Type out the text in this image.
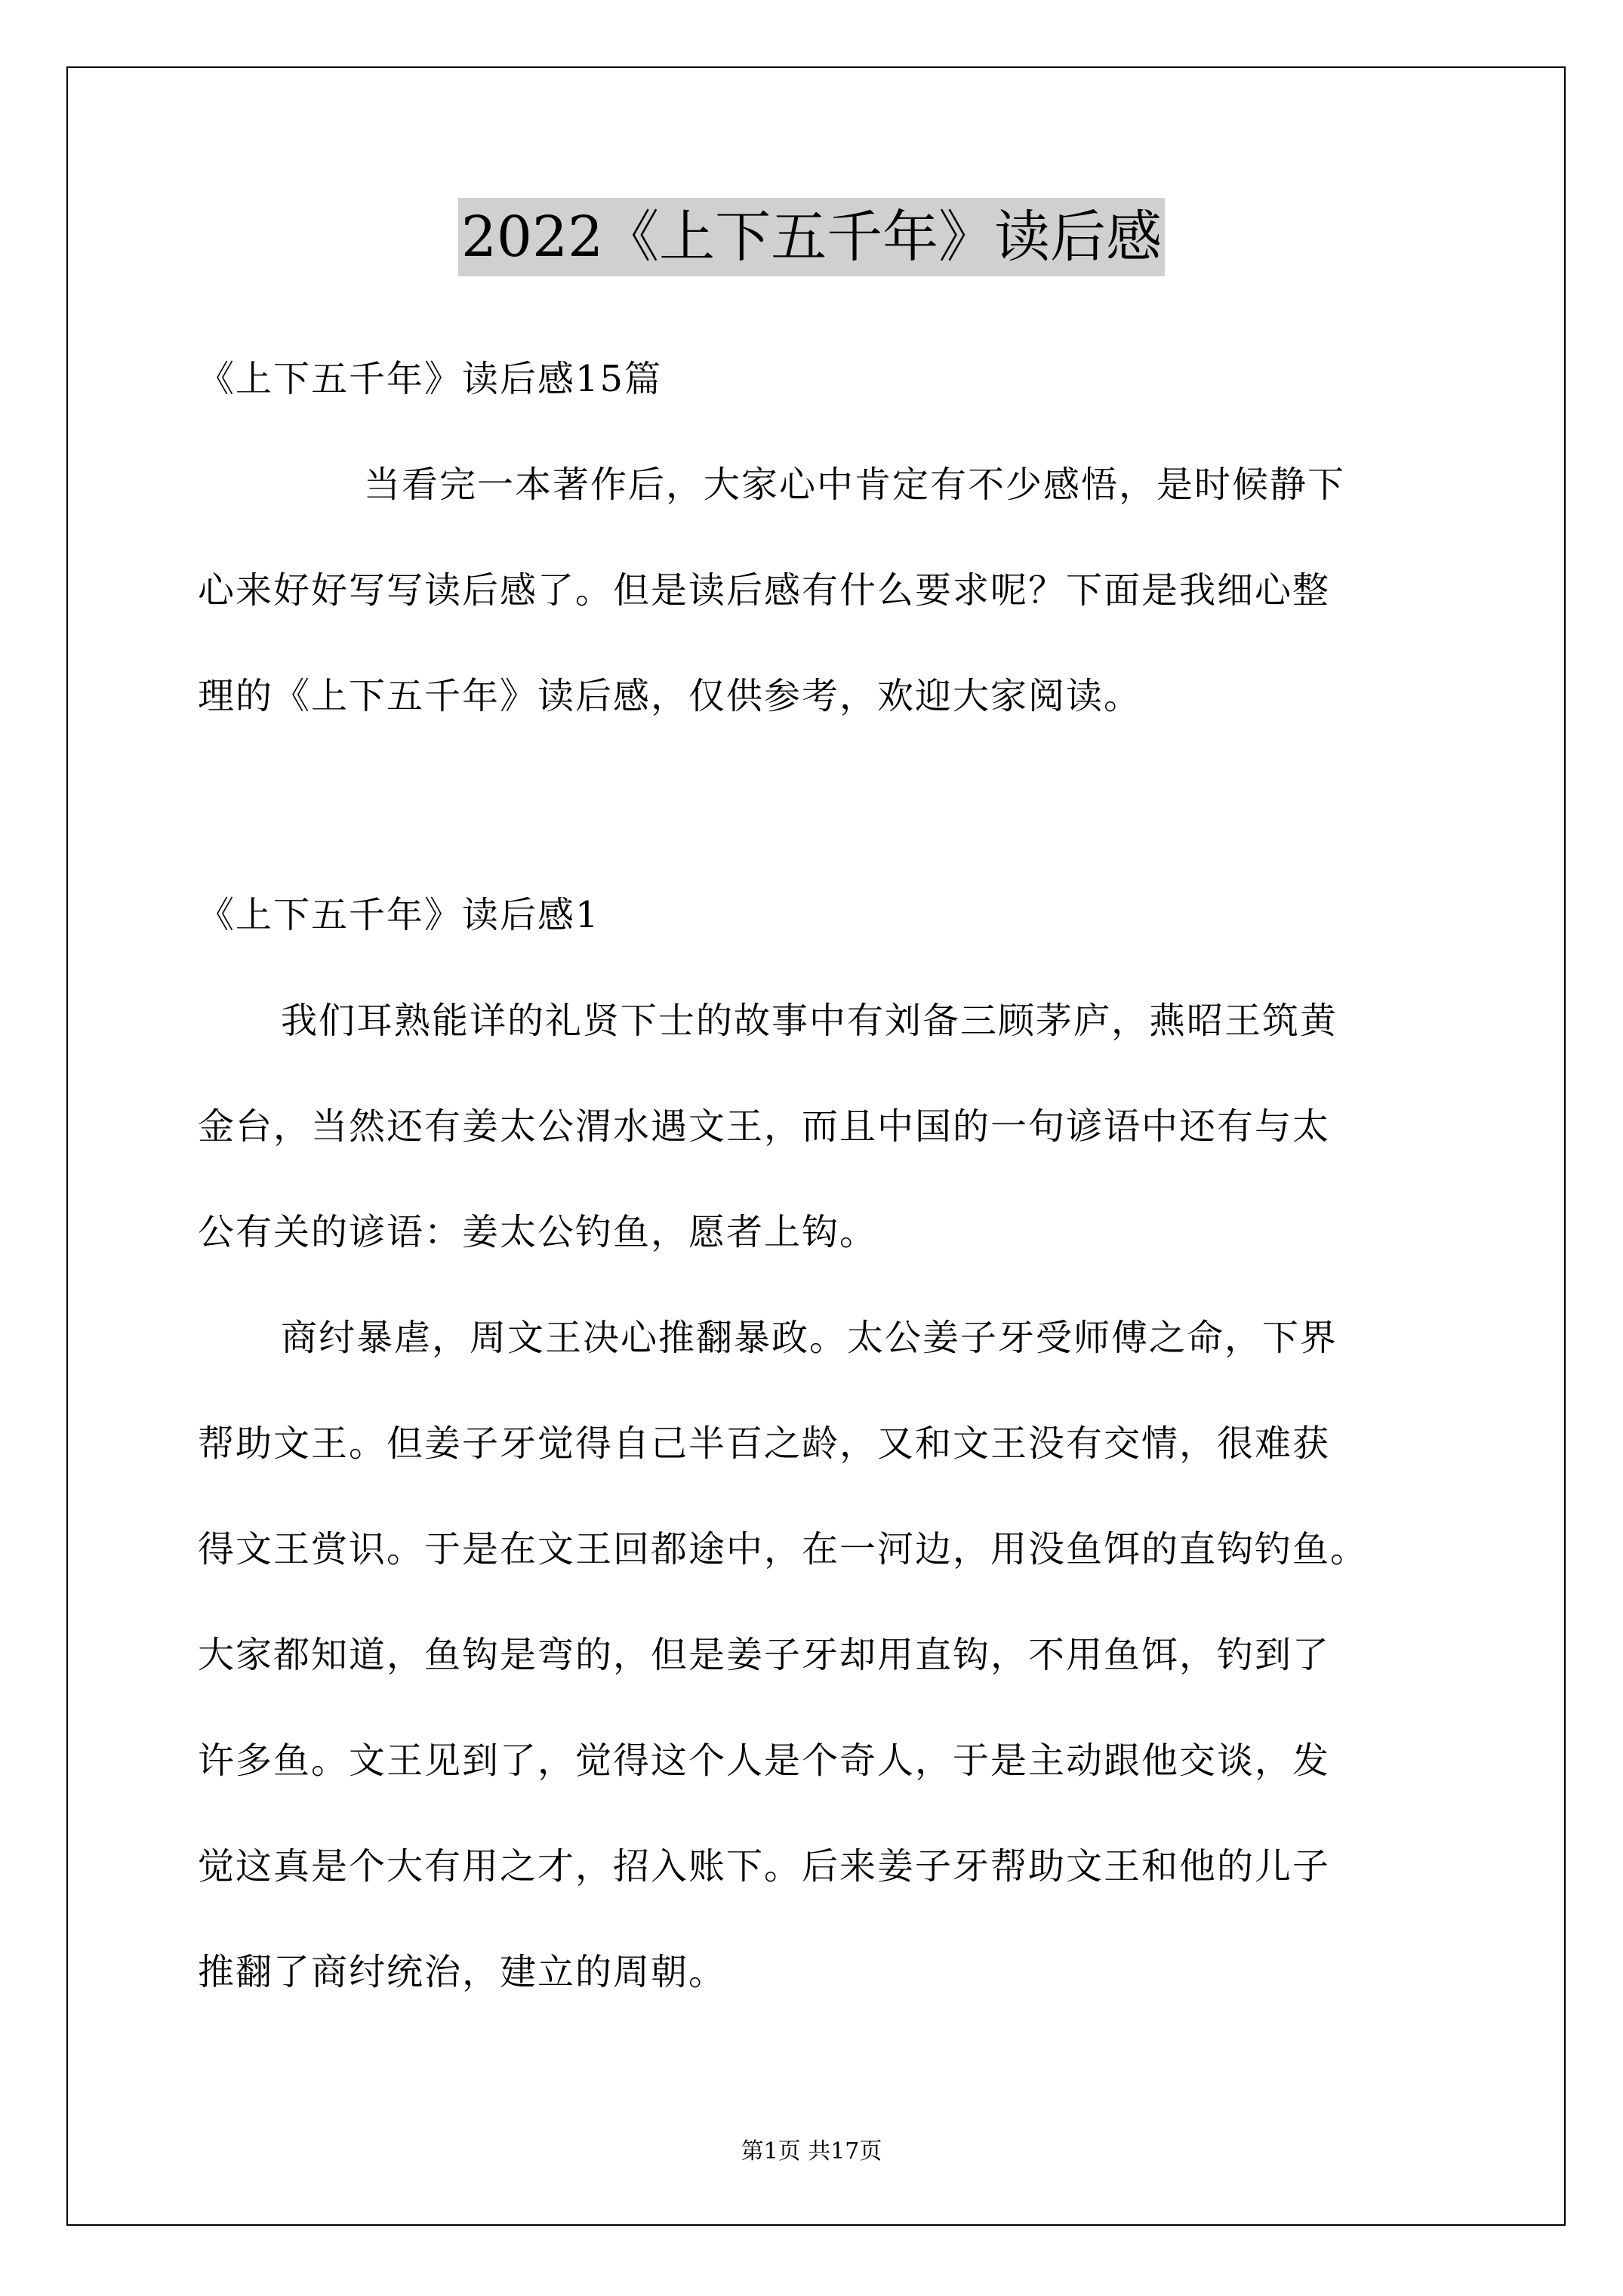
2022《上下五千年》读后感
《上下五千年》读后感15篇
当看完一本著作后，大家心中肯定有不少感悟，是时候静下
心来好好写写读后感了。但是读后感有什么要求呢？下面是我细心整
理的《上下五千年》读后感，仅供参考，欢迎大家阅读。
《上下五千年》读后感1
我们耳熟能详的礼贤下士的故事中有刘备三顾茅庐，燕昭王筑黄
金台，当然还有姜太公渭水遇文王，而且中国的一句谚语中还有与太
公有关的谚语：姜太公钓鱼，愿者上钩。
商纣暴虐，周文王决心推翻暴政。太公姜子牙受师傅之命，下界
帮助文王。但姜子牙觉得自己半百之龄，又和文王没有交情，很难获
得文王赏识。于是在文王回都途中，在一河边，用没鱼饵的直钩钓鱼。
大家都知道，鱼钩是弯的，但是姜子牙却用直钩，不用鱼饵，钓到了
许多鱼。文王见到了，觉得这个人是个奇人，于是主动跟他交谈，发
觉这真是个大有用之才，招入账下。后来姜子牙帮助文王和他的儿子
推翻了商纣统治，建立的周朝。
第1页 共17页
